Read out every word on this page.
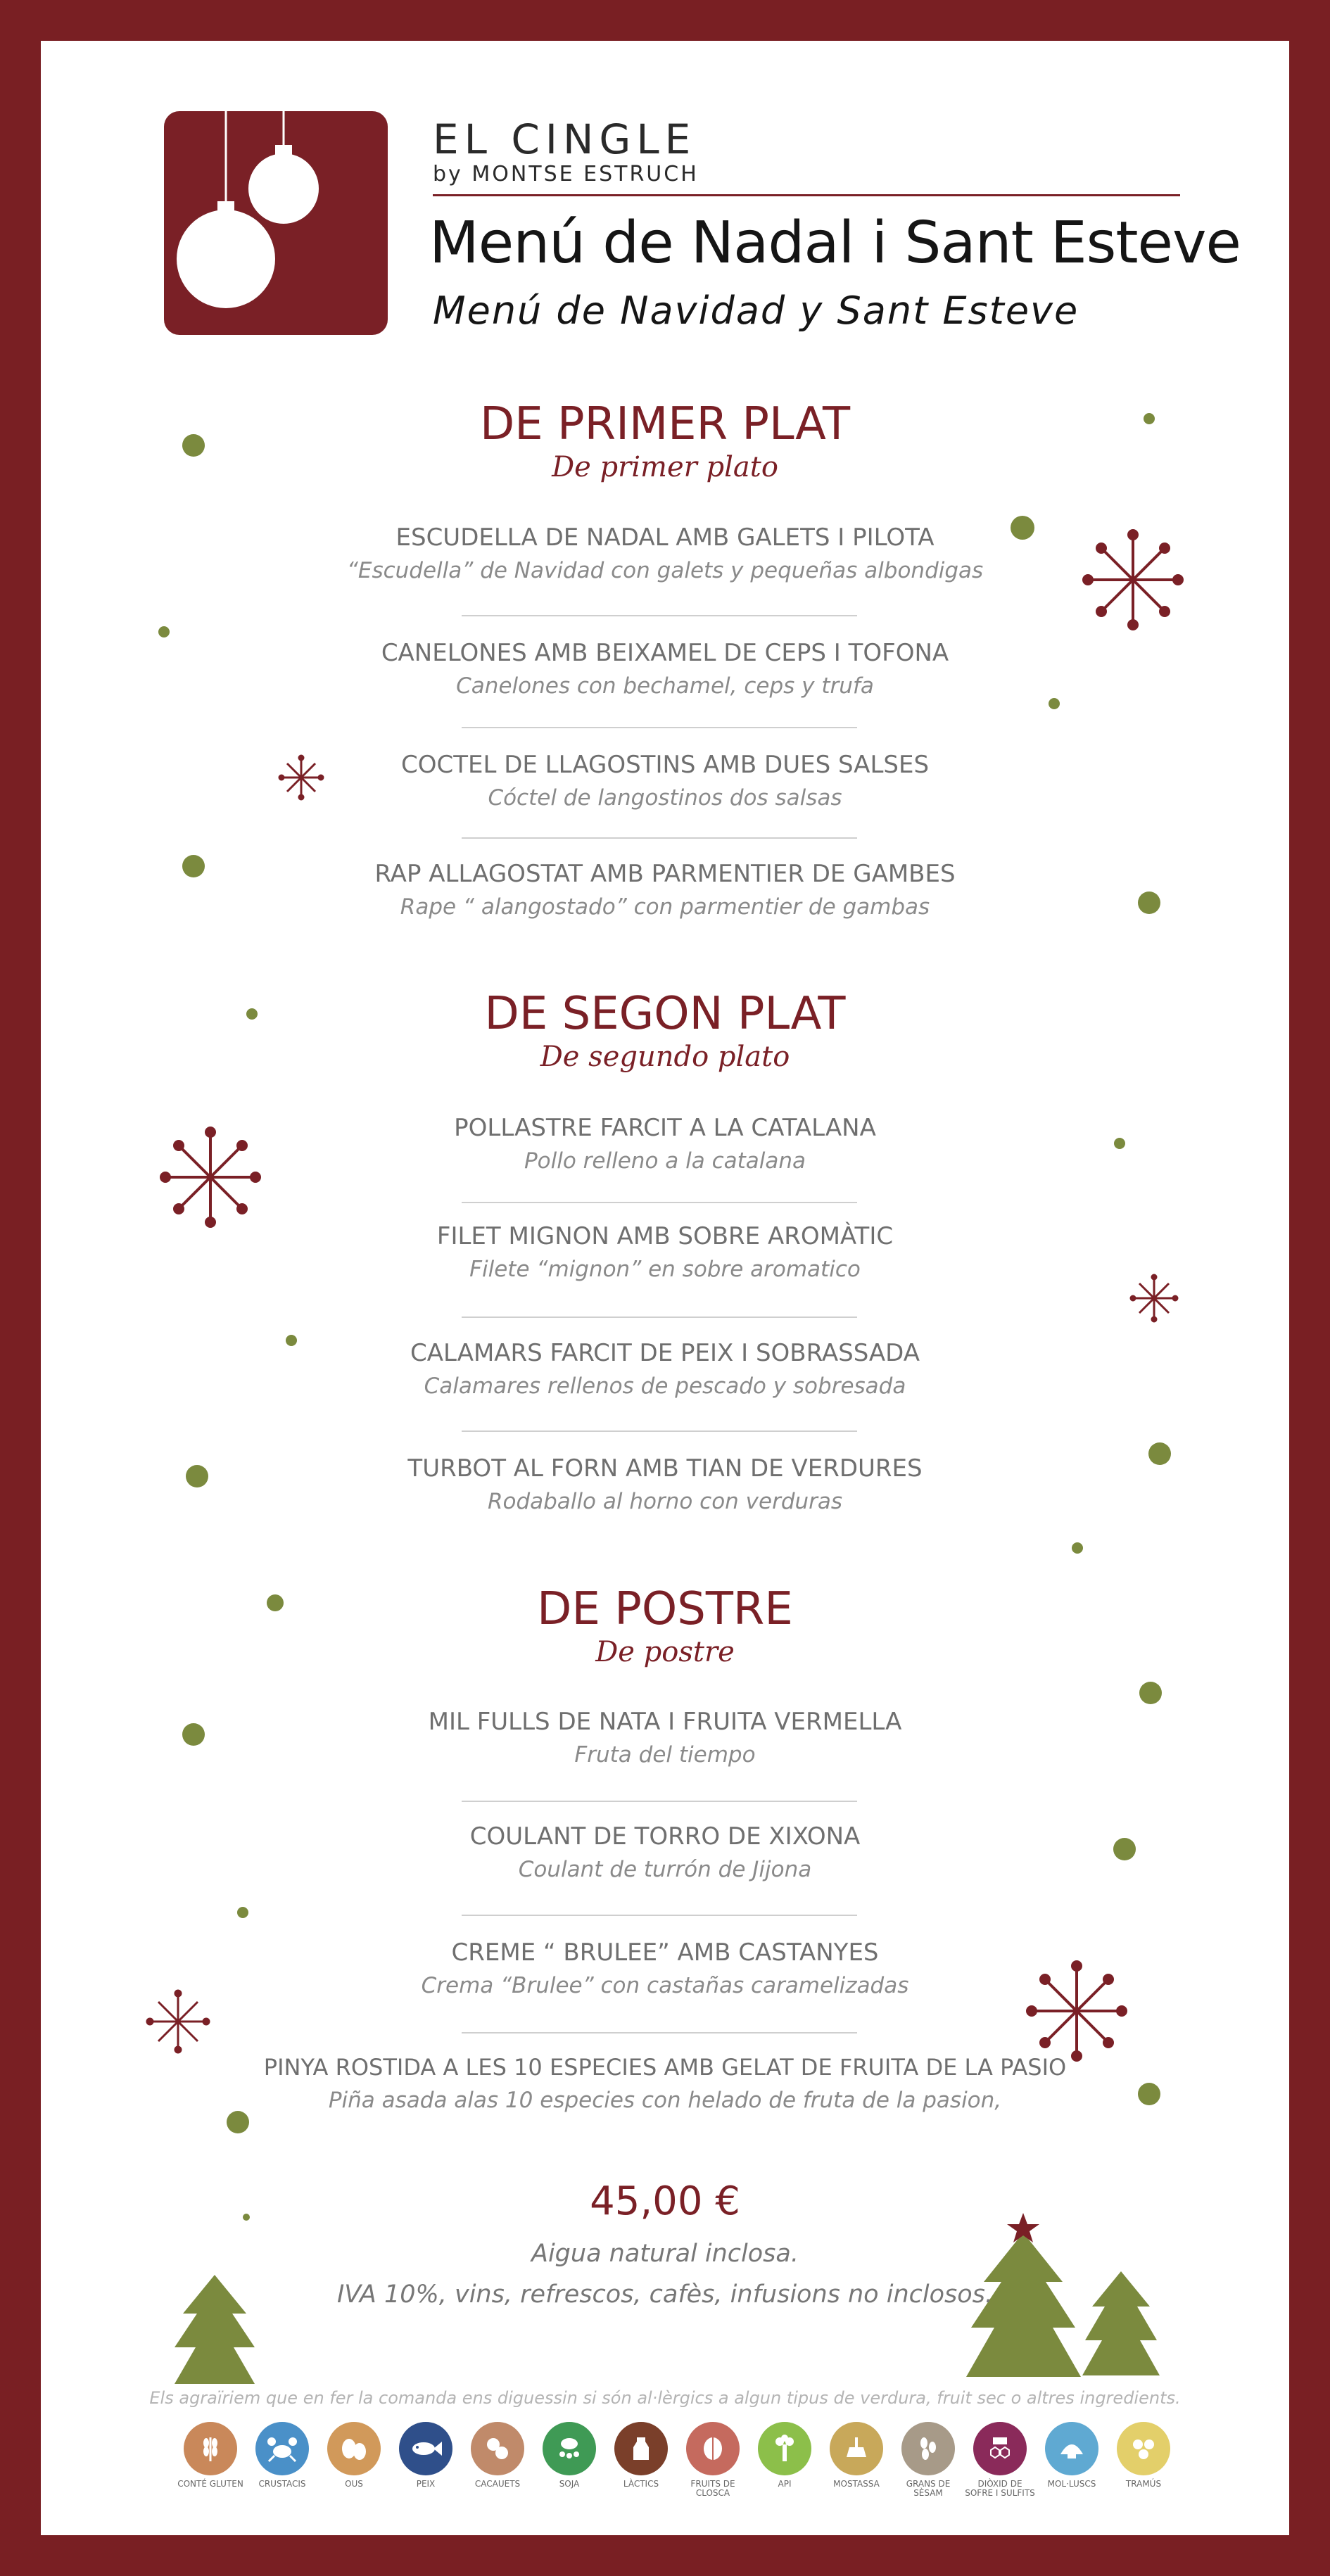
EL CINGLE
by MONTSE ESTRUCH
Menú de Nadal i Sant Esteve
Menú de Navidad y Sant Esteve
DE PRIMER PLAT
De primer plato
ESCUDELLA DE NADAL AMB GALETS I PILOTA
“Escudella” de Navidad con galets y pequeñas albondigas
CANELONES AMB BEIXAMEL DE CEPS I TOFONA
Canelones con bechamel, ceps y trufa
COCTEL DE LLAGOSTINS AMB DUES SALSES
Cóctel de langostinos dos salsas
RAP ALLAGOSTAT AMB PARMENTIER DE GAMBES
Rape “ alangostado” con parmentier de gambas
DE SEGON PLAT
De segundo plato
POLLASTRE FARCIT A LA CATALANA
Pollo relleno a la catalana
FILET MIGNON AMB SOBRE AROMÀTIC
Filete “mignon” en sobre aromatico
CALAMARS FARCIT DE PEIX I SOBRASSADA
Calamares rellenos de pescado y sobresada
TURBOT AL FORN AMB TIAN DE VERDURES
Rodaballo al horno con verduras
DE POSTRE
De postre
MIL FULLS DE NATA I FRUITA VERMELLA
Fruta del tiempo
COULANT DE TORRO DE XIXONA
Coulant de turrón de Jijona
CREME “ BRULEE” AMB CASTANYES
Crema “Brulee” con castañas caramelizadas
PINYA ROSTIDA A LES 10 ESPECIES AMB GELAT DE FRUITA DE LA PASIO
Piña asada alas 10 especies con helado de fruta de la pasion,
45,00 €
Aigua natural inclosa.
IVA 10%, vins, refrescos, cafès, infusions no inclosos.
Els agraïriem que en fer la comanda ens diguessin si són al·lèrgics a algun tipus de verdura, fruit sec o altres ingredients.
CONTÉ GLUTEN	CRUSTACIS	OUS	PEIX	CACAUETS	SOJA	LÀCTICS	FRUITS DE CLOSCA
API	MOSTASSA	GRANS DE SÈSAM
DIÒXID DE SOFRE I SULFITS
MOL·LUSCS	TRAMÚS
